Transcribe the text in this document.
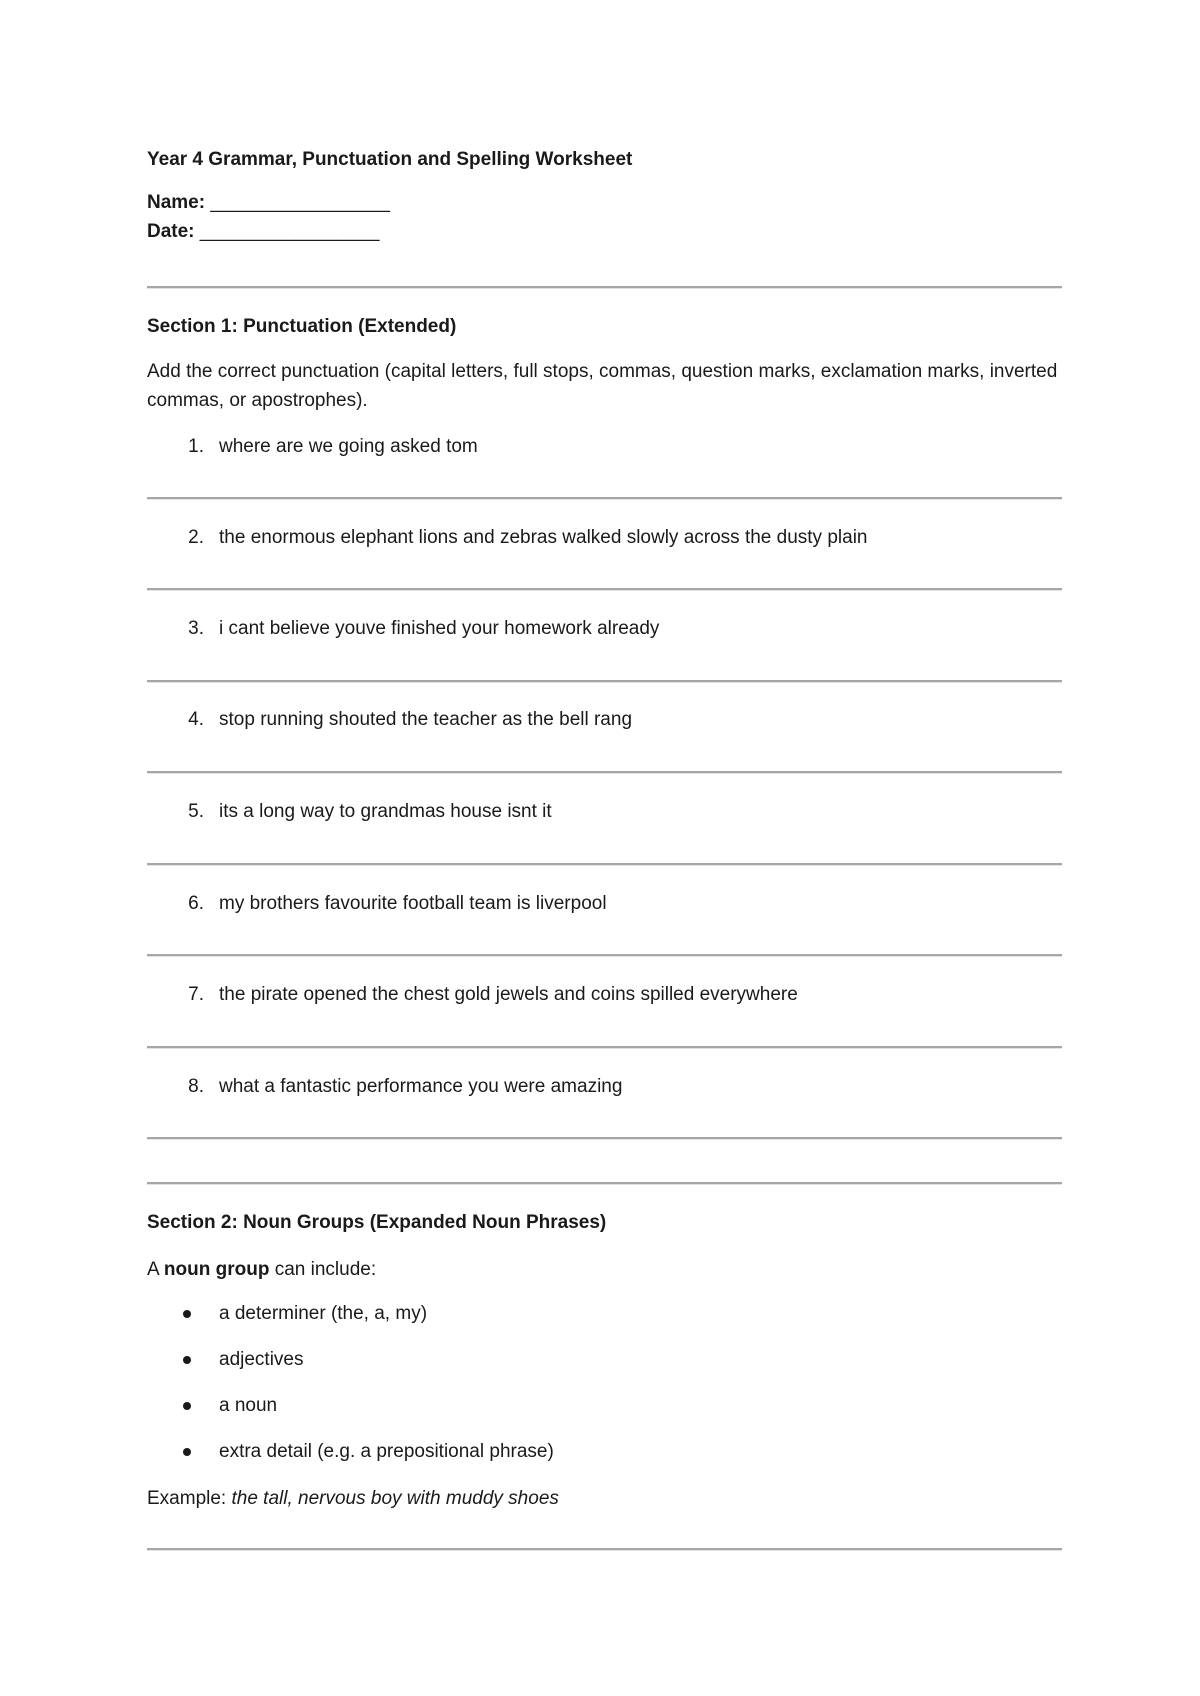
Year 4 Grammar, Punctuation and Spelling Worksheet
Name: _________________
Date: _________________
Section 1: Punctuation (Extended)
Add the correct punctuation (capital letters, full stops, commas, question marks, exclamation marks, inverted commas, or apostrophes).
1. where are we going asked tom
2. the enormous elephant lions and zebras walked slowly across the dusty plain
3. i cant believe youve finished your homework already
4. stop running shouted the teacher as the bell rang
5. its a long way to grandmas house isnt it
6. my brothers favourite football team is liverpool
7. the pirate opened the chest gold jewels and coins spilled everywhere
8. what a fantastic performance you were amazing
Section 2: Noun Groups (Expanded Noun Phrases)
A noun group can include:
a determiner (the, a, my)
adjectives
a noun
extra detail (e.g. a prepositional phrase)
Example: the tall, nervous boy with muddy shoes
